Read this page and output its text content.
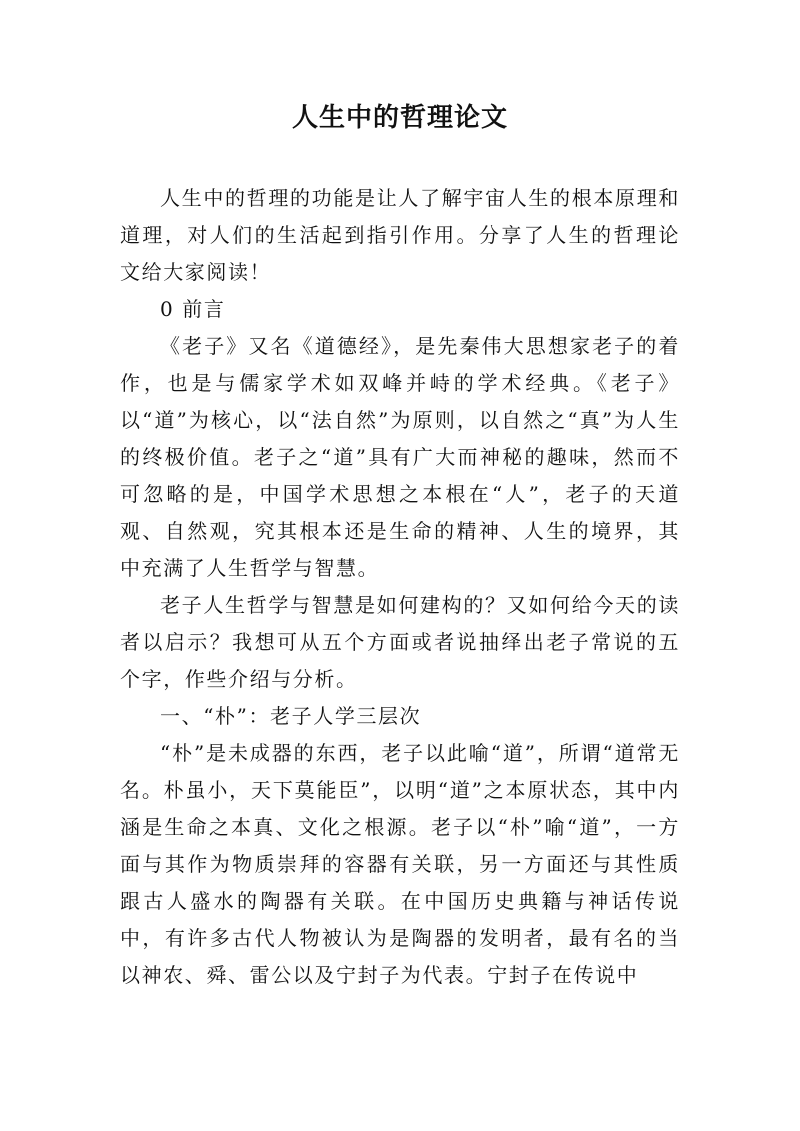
人生中的哲理论文

人生中的哲理的功能是让人了解宇宙人生的根本原理和道理，对人们的生活起到指引作用。分享了人生的哲理论文给大家阅读！

0 前言

《老子》又名《道德经》，是先秦伟大思想家老子的着作，也是与儒家学术如双峰并峙的学术经典。《老子》以“道”为核心，以“法自然”为原则，以自然之“真”为人生的终极价值。老子之“道”具有广大而神秘的趣味，然而不可忽略的是，中国学术思想之本根在“人”，老子的天道观、自然观，究其根本还是生命的精神、人生的境界，其中充满了人生哲学与智慧。

老子人生哲学与智慧是如何建构的？又如何给今天的读者以启示？我想可从五个方面或者说抽绎出老子常说的五个字，作些介绍与分析。

一、“朴”：老子人学三层次

“朴”是未成器的东西，老子以此喻“道”，所谓“道常无名。朴虽小，天下莫能臣”，以明“道”之本原状态，其中内涵是生命之本真、文化之根源。老子以“朴”喻“道”，一方面与其作为物质崇拜的容器有关联，另一方面还与其性质跟古人盛水的陶器有关联。在中国历史典籍与神话传说中，有许多古代人物被认为是陶器的发明者，最有名的当以神农、舜、雷公以及宁封子为代表。宁封子在传说中
